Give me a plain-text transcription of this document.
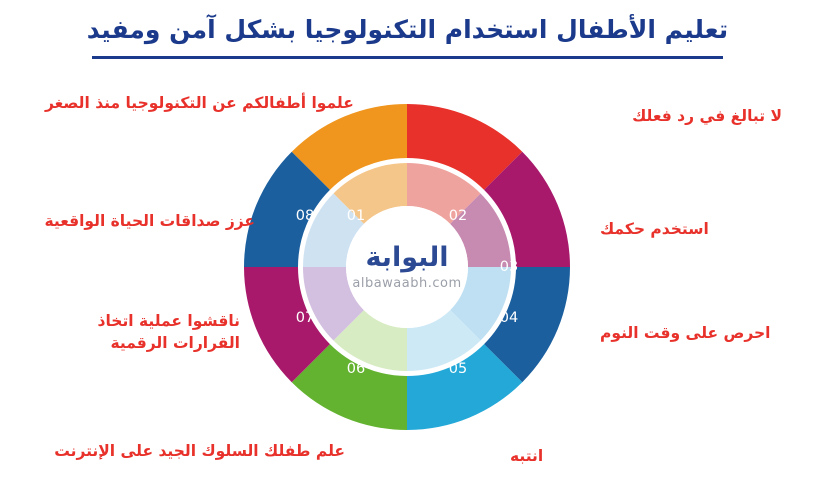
تعليم الأطفال استخدام التكنولوجيا بشكل آمن ومفيد
01	02
03
04
05
06
07
08
البوابة
albawaabh.com
علموا أطفالكم عن التكنولوجيا منذ الصغر
لا تبالغ في رد فعلك
استخدم حكمك
احرص على وقت النوم
انتبه
علم طفلك السلوك الجيد على الإنترنت
ناقشوا عملية اتخاذ القرارات الرقمية
عزز صداقات الحياة الواقعية
